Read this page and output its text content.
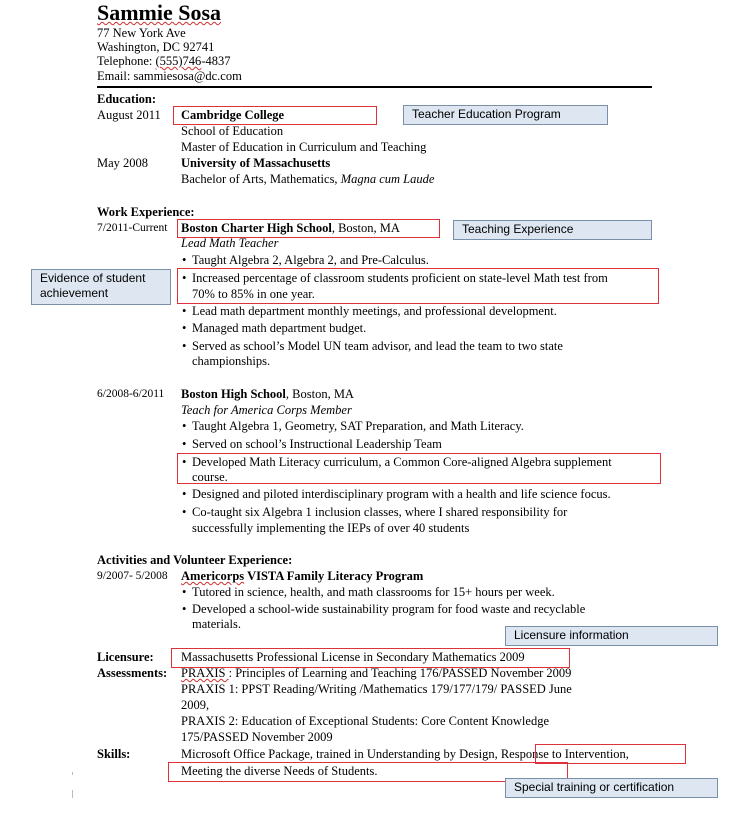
Sammie Sosa
77 New York Ave
Washington, DC 92741
Telephone: (555)746-4837
Email: sammiesosa@dc.com
Education:
August 2011 Cambridge College
School of Education
Master of Education in Curriculum and Teaching
May 2008	University of Massachusetts
Bachelor of Arts, Mathematics, Magna cum Laude
Work Experience:
7/2011-Current Boston Charter High School, Boston, MA
Lead Math Teacher
• Taught Algebra 2, Algebra 2, and Pre-Calculus.
• Increased percentage of classroom students proficient on state-level Math test from
70% to 85% in one year.
• Lead math department monthly meetings, and professional development.
• Managed math department budget.
• Served as school’s Model UN team advisor, and lead the team to two state
championships.
6/2008-6/2011 Boston High School, Boston, MA
Teach for America Corps Member
• Taught Algebra 1, Geometry, SAT Preparation, and Math Literacy.
• Served on school’s Instructional Leadership Team
• Developed Math Literacy curriculum, a Common Core-aligned Algebra supplement
course.
• Designed and piloted interdisciplinary program with a health and life science focus.
• Co-taught six Algebra 1 inclusion classes, where I shared responsibility for
successfully implementing the IEPs of over 40 students
Activities and Volunteer Experience:
9/2007- 5/2008 Americorps VISTA Family Literacy Program
• Tutored in science, health, and math classrooms for 15+ hours per week.
• Developed a school-wide sustainability program for food waste and recyclable
materials.
Licensure: Massachusetts Professional License in Secondary Mathematics 2009
Assessments: PRAXIS : Principles of Learning and Teaching 176/PASSED November 2009
PRAXIS 1: PPST Reading/Writing /Mathematics 179/177/179/ PASSED June
2009,
PRAXIS 2: Education of Exceptional Students: Core Content Knowledge
175/PASSED November 2009
Skills:	Microsoft Office Package, trained in Understanding by Design, Response to Intervention,
Meeting the diverse Needs of Students.
Teacher Education Program
Teaching Experience
Evidence of student achievement
Licensure information
Special training or certification
